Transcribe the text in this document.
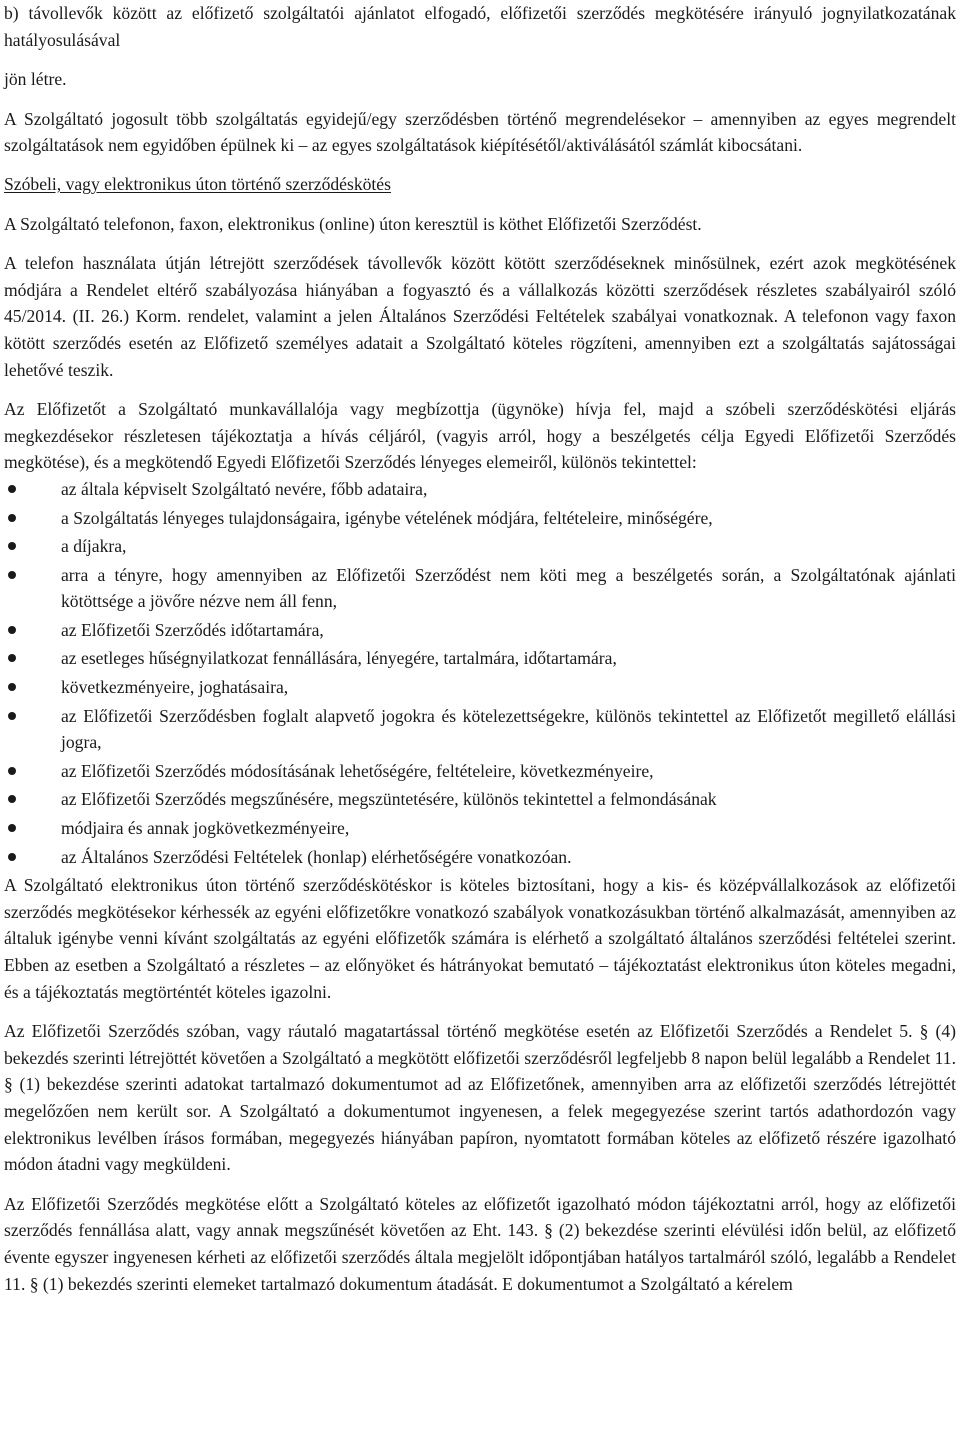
b) távollevők között az előfizető szolgáltatói ajánlatot elfogadó, előfizetői szerződés megkötésére irányuló jognyilatkozatának hatályosulásával

jön létre.

A Szolgáltató jogosult több szolgáltatás egyidejű/egy szerződésben történő megrendelésekor – amennyiben az egyes megrendelt szolgáltatások nem egyidőben épülnek ki – az egyes szolgáltatások kiépítésétől/aktiválásától számlát kibocsátani.

Szóbeli, vagy elektronikus úton történő szerződéskötés

A Szolgáltató telefonon, faxon, elektronikus (online) úton keresztül is köthet Előfizetői Szerződést.

A telefon használata útján létrejött szerződések távollevők között kötött szerződéseknek minősülnek, ezért azok megkötésének módjára a Rendelet eltérő szabályozása hiányában a fogyasztó és a vállalkozás közötti szerződések részletes szabályairól szóló 45/2014. (II. 26.) Korm. rendelet, valamint a jelen Általános Szerződési Feltételek szabályai vonatkoznak. A telefonon vagy faxon kötött szerződés esetén az Előfizető személyes adatait a Szolgáltató köteles rögzíteni, amennyiben ezt a szolgáltatás sajátosságai lehetővé teszik.

Az Előfizetőt a Szolgáltató munkavállalója vagy megbízottja (ügynöke) hívja fel, majd a szóbeli szerződéskötési eljárás megkezdésekor részletesen tájékoztatja a hívás céljáról, (vagyis arról, hogy a beszélgetés célja Egyedi Előfizetői Szerződés megkötése), és a megkötendő Egyedi Előfizetői Szerződés lényeges elemeiről, különös tekintettel:

az általa képviselt Szolgáltató nevére, főbb adataira,
a Szolgáltatás lényeges tulajdonságaira, igénybe vételének módjára, feltételeire, minőségére,
a díjakra,
arra a tényre, hogy amennyiben az Előfizetői Szerződést nem köti meg a beszélgetés során, a Szolgáltatónak ajánlati kötöttsége a jövőre nézve nem áll fenn,
az Előfizetői Szerződés időtartamára,
az esetleges hűségnyilatkozat fennállására, lényegére, tartalmára, időtartamára,
következményeire, joghatásaira,
az Előfizetői Szerződésben foglalt alapvető jogokra és kötelezettségekre, különös tekintettel az Előfizetőt megillető elállási jogra,
az Előfizetői Szerződés módosításának lehetőségére, feltételeire, következményeire,
az Előfizetői Szerződés megszűnésére, megszüntetésére, különös tekintettel a felmondásának
módjaira és annak jogkövetkezményeire,
az Általános Szerződési Feltételek (honlap) elérhetőségére vonatkozóan.

A Szolgáltató elektronikus úton történő szerződéskötéskor is köteles biztosítani, hogy a kis- és középvállalkozások az előfizetői szerződés megkötésekor kérhessék az egyéni előfizetőkre vonatkozó szabályok vonatkozásukban történő alkalmazását, amennyiben az általuk igénybe venni kívánt szolgáltatás az egyéni előfizetők számára is elérhető a szolgáltató általános szerződési feltételei szerint. Ebben az esetben a Szolgáltató a részletes – az előnyöket és hátrányokat bemutató – tájékoztatást elektronikus úton köteles megadni, és a tájékoztatás megtörténtét köteles igazolni.

Az Előfizetői Szerződés szóban, vagy ráutaló magatartással történő megkötése esetén az Előfizetői Szerződés a Rendelet 5. § (4) bekezdés szerinti létrejöttét követően a Szolgáltató a megkötött előfizetői szerződésről legfeljebb 8 napon belül legalább a Rendelet 11. § (1) bekezdése szerinti adatokat tartalmazó dokumentumot ad az Előfizetőnek, amennyiben arra az előfizetői szerződés létrejöttét megelőzően nem került sor. A Szolgáltató a dokumentumot ingyenesen, a felek megegyezése szerint tartós adathordozón vagy elektronikus levélben írásos formában, megegyezés hiányában papíron, nyomtatott formában köteles az előfizető részére igazolható módon átadni vagy megküldeni.

Az Előfizetői Szerződés megkötése előtt a Szolgáltató köteles az előfizetőt igazolható módon tájékoztatni arról, hogy az előfizetői szerződés fennállása alatt, vagy annak megszűnését követően az Eht. 143. § (2) bekezdése szerinti elévülési időn belül, az előfizető évente egyszer ingyenesen kérheti az előfizetői szerződés általa megjelölt időpontjában hatályos tartalmáról szóló, legalább a Rendelet 11. § (1) bekezdés szerinti elemeket tartalmazó dokumentum átadását. E dokumentumot a Szolgáltató a kérelem
